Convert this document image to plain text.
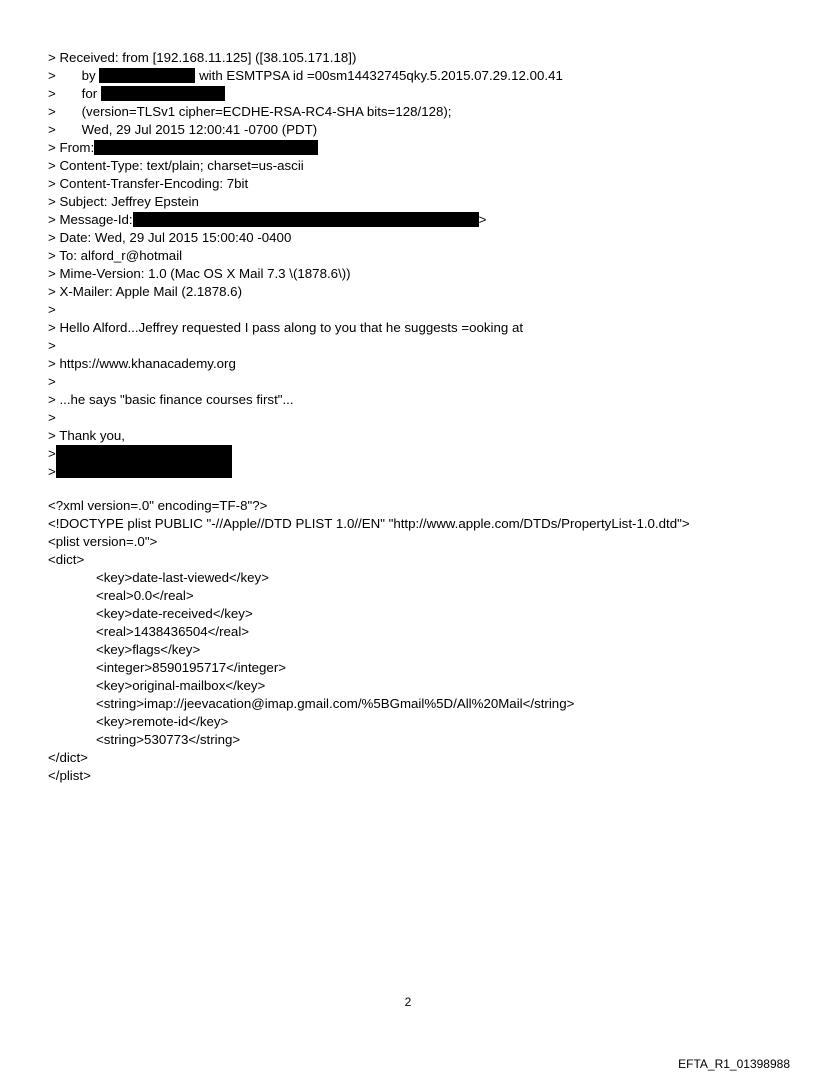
> Received: from [192.168.11.125] ([38.105.171.18])
>       by	with ESMTPSA id =00sm14432745qky.5.2015.07.29.12.00.41
>       for
>       (version=TLSv1 cipher=ECDHE-RSA-RC4-SHA bits=128/128);
>       Wed, 29 Jul 2015 12:00:41 -0700 (PDT)
> From:
> Content-Type: text/plain; charset=us-ascii
> Content-Transfer-Encoding: 7bit
> Subject: Jeffrey Epstein
> Message-Id:	>
> Date: Wed, 29 Jul 2015 15:00:40 -0400
> To: alford_r@hotmail
> Mime-Version: 1.0 (Mac OS X Mail 7.3 \(1878.6\))
> X-Mailer: Apple Mail (2.1878.6)
>
> Hello Alford...Jeffrey requested I pass along to you that he suggests =ooking at
>
> https://www.khanacademy.org
>
> ...he says "basic finance courses first"...
>
> Thank you,
>
>
<?xml version=.0" encoding=TF-8"?>
<!DOCTYPE plist PUBLIC "-//Apple//DTD PLIST 1.0//EN" "http://www.apple.com/DTDs/PropertyList-1.0.dtd">
<plist version=.0">
<dict>
<key>date-last-viewed</key>
<real>0.0</real>
<key>date-received</key>
<real>1438436504</real>
<key>flags</key>
<integer>8590195717</integer>
<key>original-mailbox</key>
<string>imap://jeevacation@imap.gmail.com/%5BGmail%5D/All%20Mail</string>
<key>remote-id</key>
<string>530773</string>
</dict>
</plist>
2
EFTA_R1_01398988
